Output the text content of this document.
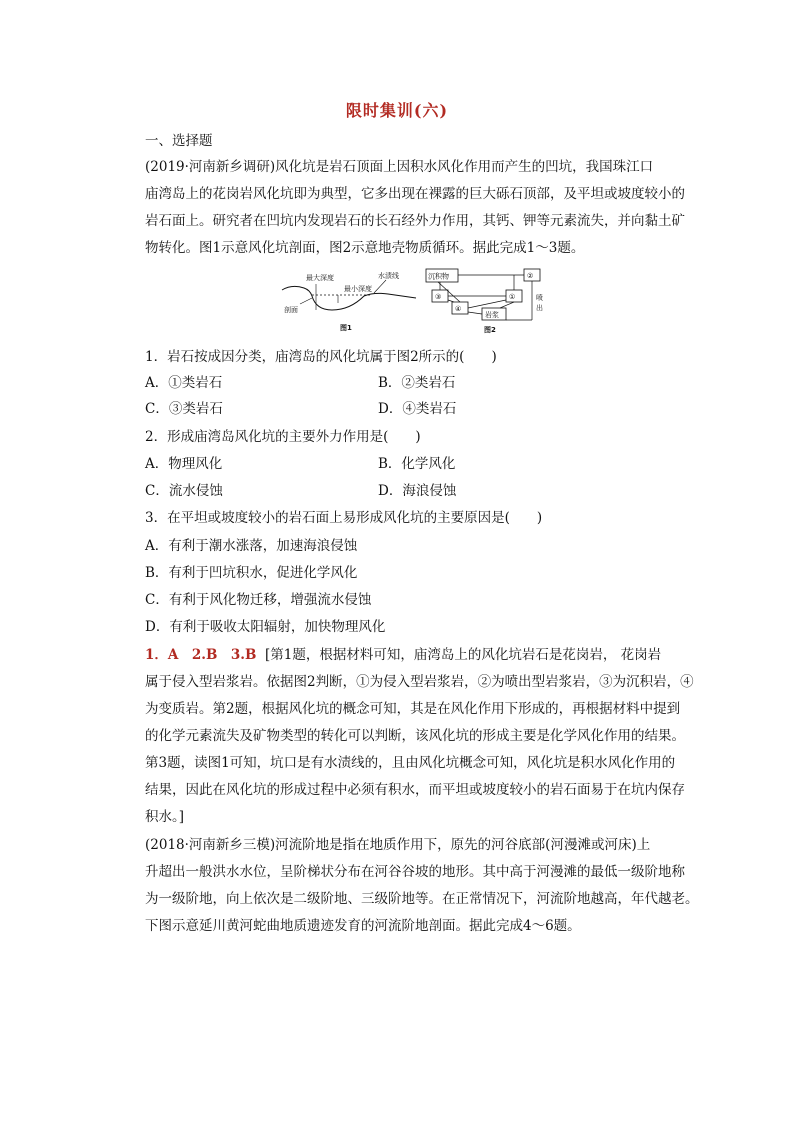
限时集训(六)
一、选择题
(2019·河南新乡调研)风化坑是岩石顶面上因积水风化作用而产生的凹坑，我国珠江口
庙湾岛上的花岗岩风化坑即为典型，它多出现在裸露的巨大砾石顶部，及平坦或坡度较小的
岩石面上。研究者在凹坑内发现岩石的长石经外力作用，其钙、钾等元素流失，并向黏土矿
物转化。图1示意风化坑剖面，图2示意地壳物质循环。据此完成1～3题。
最大深度	水渍线
最小深度
剖面
图1
沉积物	②
③	①
④
岩浆
喷
出
图2
1．岩石按成因分类，庙湾岛的风化坑属于图2所示的(　　)
A．①类岩石	B．②类岩石
C．③类岩石	D．④类岩石
2．形成庙湾岛风化坑的主要外力作用是(　　)
A．物理风化	B．化学风化
C．流水侵蚀	D．海浪侵蚀
3．在平坦或坡度较小的岩石面上易形成风化坑的主要原因是(　　)
A．有利于潮水涨落，加速海浪侵蚀
B．有利于凹坑积水，促进化学风化
C．有利于风化物迁移，增强流水侵蚀
D．有利于吸收太阳辐射，加快物理风化
1．A　2.B　3.B [第1题，根据材料可知，庙湾岛上的风化坑岩石是花岗岩， 花岗岩
属于侵入型岩浆岩。依据图2判断，①为侵入型岩浆岩，②为喷出型岩浆岩，③为沉积岩，④
为变质岩。第2题，根据风化坑的概念可知，其是在风化作用下形成的，再根据材料中提到
的化学元素流失及矿物类型的转化可以判断，该风化坑的形成主要是化学风化作用的结果。
第3题，读图1可知，坑口是有水渍线的，且由风化坑概念可知，风化坑是积水风化作用的
结果，因此在风化坑的形成过程中必须有积水，而平坦或坡度较小的岩石面易于在坑内保存
积水。]
(2018·河南新乡三模)河流阶地是指在地质作用下，原先的河谷底部(河漫滩或河床)上
升超出一般洪水水位，呈阶梯状分布在河谷谷坡的地形。其中高于河漫滩的最低一级阶地称
为一级阶地，向上依次是二级阶地、三级阶地等。在正常情况下，河流阶地越高，年代越老。
下图示意延川黄河蛇曲地质遗迹发育的河流阶地剖面。据此完成4～6题。
